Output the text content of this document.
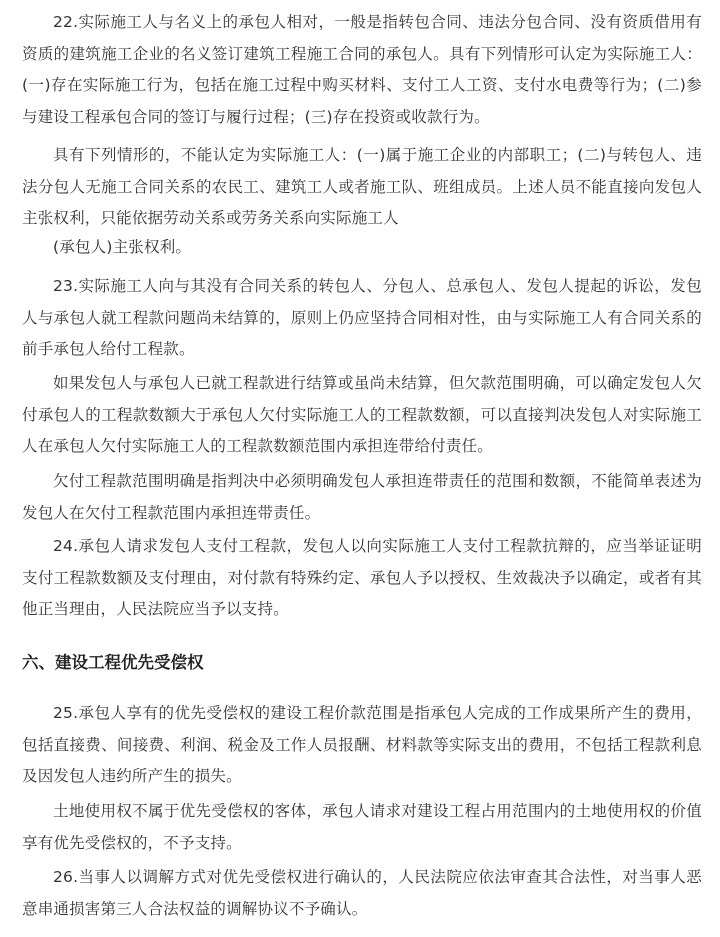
22.实际施工人与名义上的承包人相对，一般是指转包合同、违法分包合同、没有资质借用有资质的建筑施工企业的名义签订建筑工程施工合同的承包人。具有下列情形可认定为实际施工人：(一)存在实际施工行为，包括在施工过程中购买材料、支付工人工资、支付水电费等行为；(二)参与建设工程承包合同的签订与履行过程；(三)存在投资或收款行为。

具有下列情形的，不能认定为实际施工人：(一)属于施工企业的内部职工；(二)与转包人、违法分包人无施工合同关系的农民工、建筑工人或者施工队、班组成员。上述人员不能直接向发包人主张权利，只能依据劳动关系或劳务关系向实际施工人

(承包人)主张权利。

23.实际施工人向与其没有合同关系的转包人、分包人、总承包人、发包人提起的诉讼，发包人与承包人就工程款问题尚未结算的，原则上仍应坚持合同相对性，由与实际施工人有合同关系的前手承包人给付工程款。

如果发包人与承包人已就工程款进行结算或虽尚未结算，但欠款范围明确，可以确定发包人欠付承包人的工程款数额大于承包人欠付实际施工人的工程款数额，可以直接判决发包人对实际施工人在承包人欠付实际施工人的工程款数额范围内承担连带给付责任。

欠付工程款范围明确是指判决中必须明确发包人承担连带责任的范围和数额，不能简单表述为发包人在欠付工程款范围内承担连带责任。

24.承包人请求发包人支付工程款，发包人以向实际施工人支付工程款抗辩的，应当举证证明支付工程款数额及支付理由，对付款有特殊约定、承包人予以授权、生效裁决予以确定，或者有其他正当理由，人民法院应当予以支持。

六、建设工程优先受偿权

25.承包人享有的优先受偿权的建设工程价款范围是指承包人完成的工作成果所产生的费用，包括直接费、间接费、利润、税金及工作人员报酬、材料款等实际支出的费用，不包括工程款利息及因发包人违约所产生的损失。

土地使用权不属于优先受偿权的客体，承包人请求对建设工程占用范围内的土地使用权的价值享有优先受偿权的，不予支持。

26.当事人以调解方式对优先受偿权进行确认的，人民法院应依法审查其合法性，对当事人恶意串通损害第三人合法权益的调解协议不予确认。
